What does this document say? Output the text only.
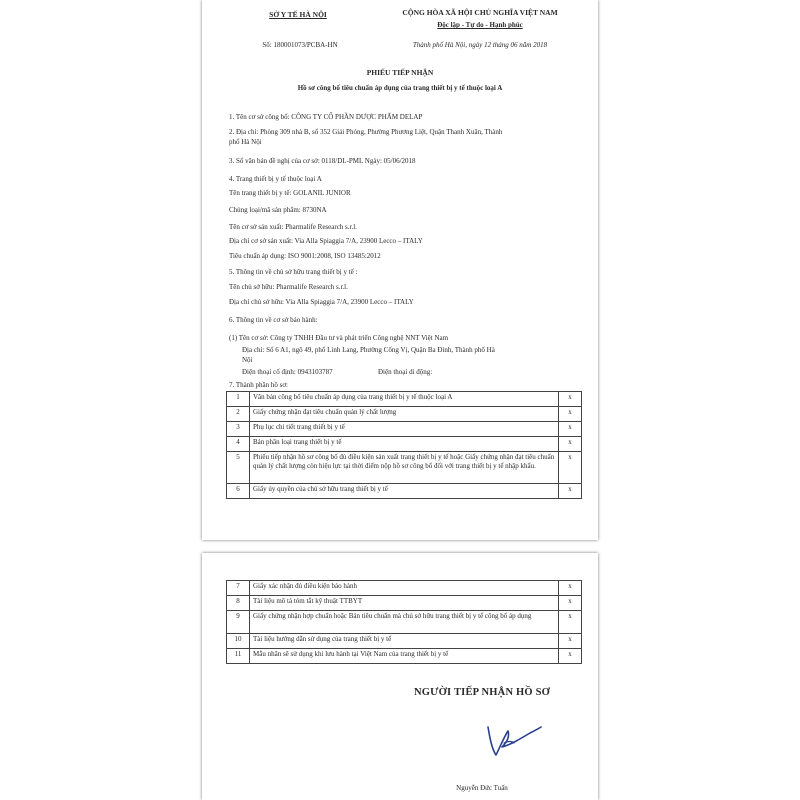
SỞ Y TẾ HÀ NỘI
Số: 180001073/PCBA-HN
CỘNG HÒA XÃ HỘI CHỦ NGHĨA VIỆT NAM
Độc lập - Tự do - Hạnh phúc
Thành phố Hà Nội, ngày 12 tháng 06 năm 2018
PHIẾU TIẾP NHẬN
Hồ sơ công bố tiêu chuẩn áp dụng của trang thiết bị y tế thuộc loại A
1. Tên cơ sở công bố: CÔNG TY CỔ PHẦN DƯỢC PHẨM DELAP
2. Địa chỉ: Phòng 309 nhà B, số 352 Giải Phóng, Phường Phương Liệt, Quận Thanh Xuân, Thành
phố Hà Nội
3. Số văn bản đề nghị của cơ sở: 0118/DL-PML Ngày: 05/06/2018
4. Trang thiết bị y tế thuộc loại A
Tên trang thiết bị y tế: GOLANIL JUNIOR
Chủng loại/mã sản phẩm: 8730NA
Tên cơ sở sản xuất: Pharmalife Research s.r.l.
Địa chỉ cơ sở sản xuất: Via Alla Spiaggia 7/A, 23900 Lecco – ITALY
Tiêu chuẩn áp dụng: ISO 9001:2008, ISO 13485:2012
5. Thông tin về chủ sở hữu trang thiết bị y tế :
Tên chủ sở hữu: Pharmalife Research s.r.l.
Địa chỉ chủ sở hữu: Via Alla Spiaggia 7/A, 23900 Lecco – ITALY
6. Thông tin về cơ sở bảo hành:
(1) Tên cơ sở: Công ty TNHH Đầu tư và phát triển Công nghệ NNT Việt Nam
Địa chỉ: Số 6 A1, ngõ 49, phố Linh Lang, Phường Cống Vị, Quận Ba Đình, Thành phố Hà
Nội
Điện thoại cố định: 0943103787	Điện thoại di động:
7. Thành phần hồ sơ:
1	Văn bản công bố tiêu chuẩn áp dụng của trang thiết bị y tế thuộc loại A	x
2	Giấy chứng nhận đạt tiêu chuẩn quản lý chất lượng	x
3	Phụ lục chi tiết trang thiết bị y tế	x
4	Bản phân loại trang thiết bị y tế	x
5	Phiếu tiếp nhận hồ sơ công bố đủ điều kiện sản xuất trang thiết bị y tế hoặc Giấy chứng nhận đạt tiêu chuẩn quản lý chất lượng còn hiệu lực tại thời điểm nộp hồ sơ công bố đối với trang thiết bị y tế nhập khẩu.	x
6	Giấy ủy quyền của chủ sở hữu trang thiết bị y tế	x
7	Giấy xác nhận đủ điều kiện bảo hành	x
8	Tài liệu mô tả tóm tắt kỹ thuật TTBYT	x
9	Giấy chứng nhận hợp chuẩn hoặc Bản tiêu chuẩn mà chủ sở hữu trang thiết bị y tế công bố áp dụng	x
10	Tài liệu hướng dẫn sử dụng của trang thiết bị y tế	x
11	Mẫu nhãn sẽ sử dụng khi lưu hành tại Việt Nam của trang thiết bị y tế	x
NGƯỜI TIẾP NHẬN HỒ SƠ
Nguyễn Đức Tuấn
